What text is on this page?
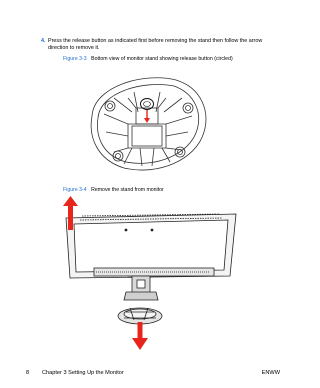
4. Press the release button as indicated first before removing the stand then follow the arrow direction to remove it.
Figure 3-3 Bottom view of monitor stand showing release button (circled)
Figure 3-4 Remove the stand from monitor
8 Chapter 3 Setting Up the Monitor	ENWW
